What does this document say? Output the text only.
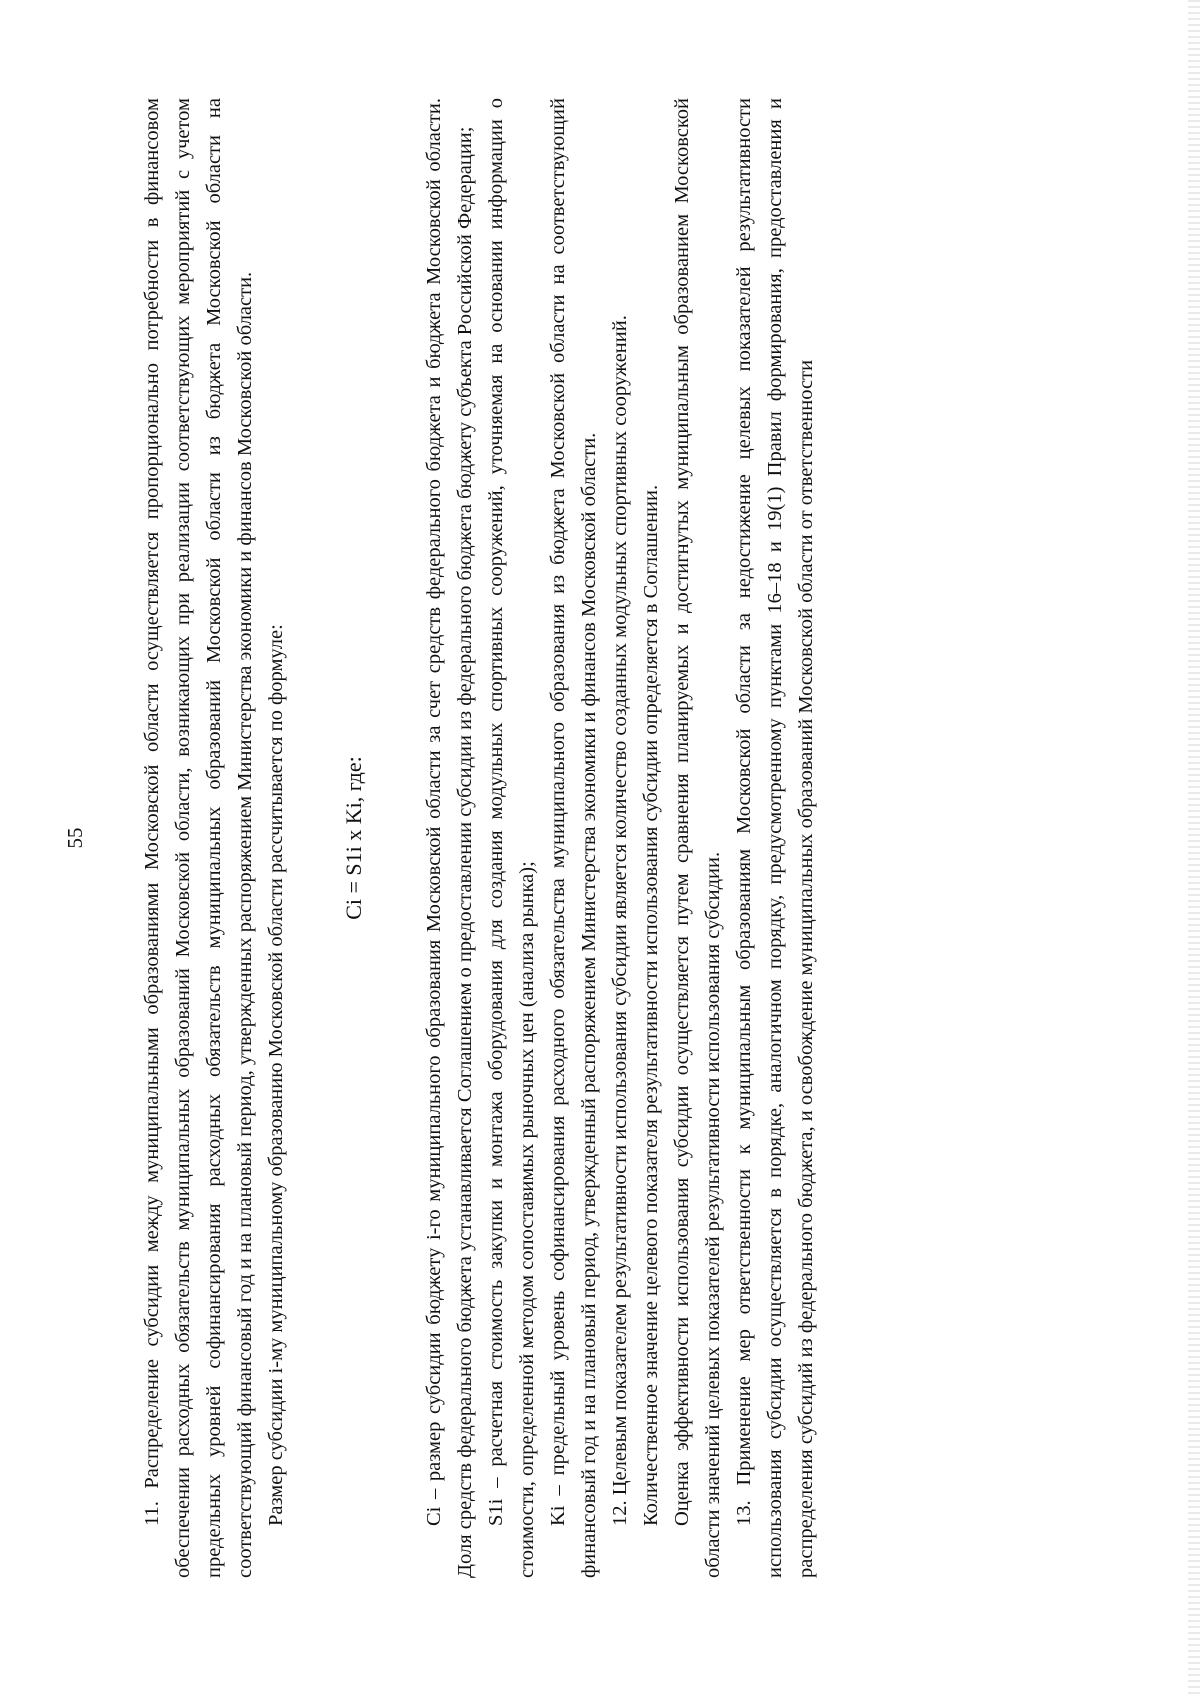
55	11. Распределение субсидии между муниципальными образованиями Московской области осуществляется пропорционально потребности в финансовом обеспечении расходных обязательств муниципальных образований Московской области, возникающих при реализации соответствующих мероприятий с учетом предельных уровней софинансирования расходных обязательств муниципальных образований Московской области из бюджета Московской области на соответствующий финансовый год и на плановый период, утвержденных распоряжением Министерства экономики и финансов Московской области. Размер субсидии i-му муниципальному образованию Московской области рассчитывается по формуле: Ci = S1i x Ki, где:	Ci – размер субсидии бюджету i-го муниципального образования Московской области за счет средств федерального бюджета и бюджета Московской области. Доля средств федерального бюджета устанавливается Соглашением о предоставлении субсидии из федерального бюджета бюджету субъекта Российской Федерации; S1i – расчетная стоимость закупки и монтажа оборудования для создания модульных спортивных сооружений, уточняемая на основании информации о стоимости, определенной методом сопоставимых рыночных цен (анализа рынка); Ki – предельный уровень софинансирования расходного обязательства муниципального образования из бюджета Московской области на соответствующий финансовый год и на плановый период, утвержденный распоряжением Министерства экономики и финансов Московской области. 12. Целевым показателем результативности использования субсидии является количество созданных модульных спортивных сооружений. Количественное значение целевого показателя результативности использования субсидии определяется в Соглашении. Оценка эффективности использования субсидии осуществляется путем сравнения планируемых и достигнутых муниципальным образованием Московской области значений целевых показателей результативности использования субсидии. 13. Применение мер ответственности к муниципальным образованиям Московской области за недостижение целевых показателей результативности использования субсидии осуществляется в порядке, аналогичном порядку, предусмотренному пунктами 16–18 и 19(1) Правил формирования, предоставления и распределения субсидий из федерального бюджета, и освобождение муниципальных образований Московской области от ответственности
